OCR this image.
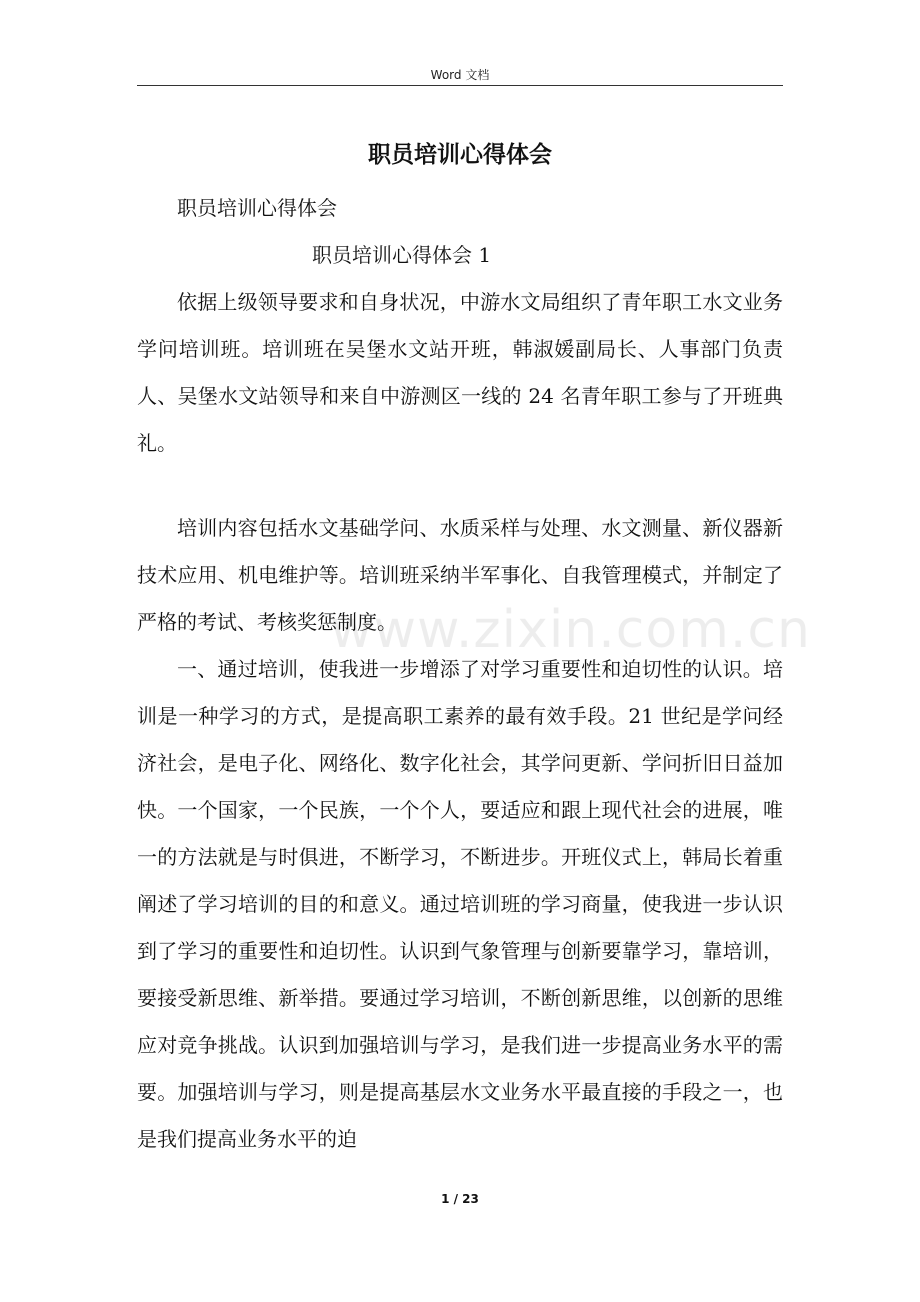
Word 文档
职员培训心得体会
www.zixin.com.cn

职员培训心得体会

职员培训心得体会 1

依据上级领导要求和自身状况，中游水文局组织了青年职工水文业务学问培训班。培训班在吴堡水文站开班，韩淑媛副局长、人事部门负责人、吴堡水文站领导和来自中游测区一线的 24 名青年职工参与了开班典礼。

培训内容包括水文基础学问、水质采样与处理、水文测量、新仪器新技术应用、机电维护等。培训班采纳半军事化、自我管理模式，并制定了严格的考试、考核奖惩制度。

一、通过培训，使我进一步增添了对学习重要性和迫切性的认识。培训是一种学习的方式，是提高职工素养的最有效手段。21 世纪是学问经济社会，是电子化、网络化、数字化社会，其学问更新、学问折旧日益加快。一个国家，一个民族，一个个人，要适应和跟上现代社会的进展，唯一的方法就是与时俱进，不断学习，不断进步。开班仪式上，韩局长着重阐述了学习培训的目的和意义。通过培训班的学习商量，使我进一步认识到了学习的重要性和迫切性。认识到气象管理与创新要靠学习，靠培训，要接受新思维、新举措。要通过学习培训，不断创新思维，以创新的思维应对竞争挑战。认识到加强培训与学习，是我们进一步提高业务水平的需要。加强培训与学习，则是提高基层水文业务水平最直接的手段之一，也是我们提高业务水平的迫

1 / 23
